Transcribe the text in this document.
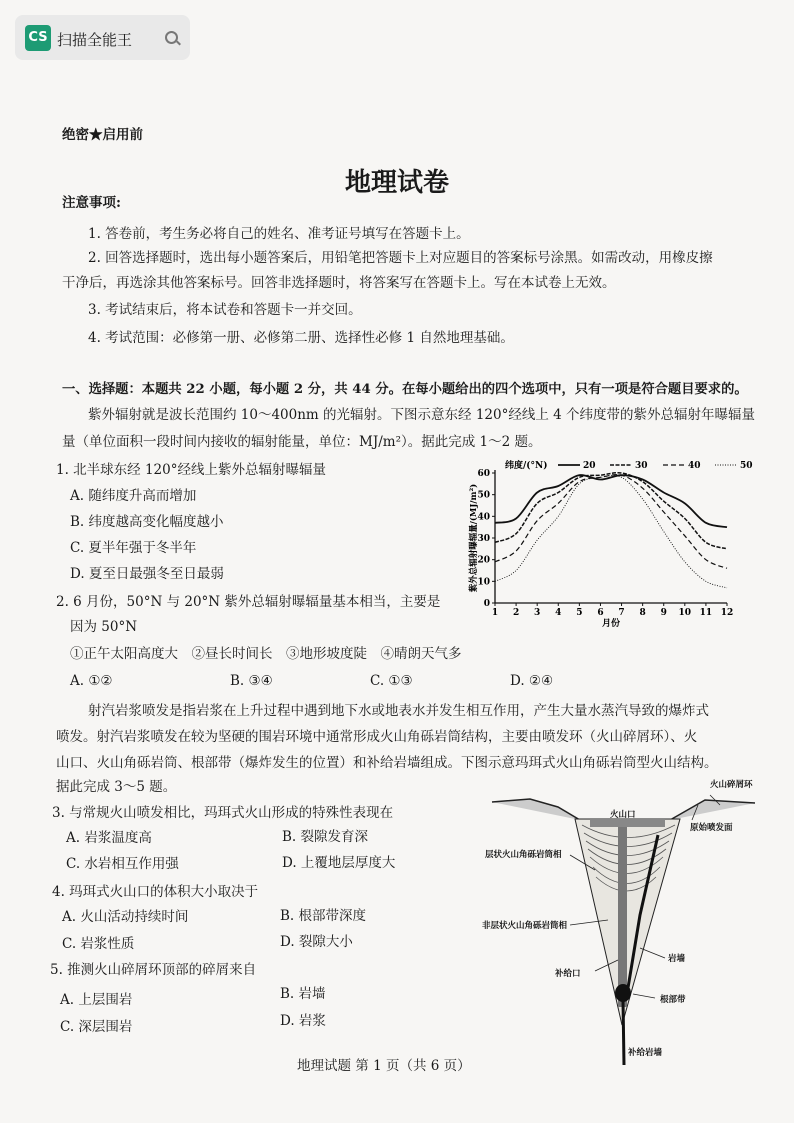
CS 扫描全能王
绝密★启用前
地理试卷
注意事项:
1. 答卷前，考生务必将自己的姓名、准考证号填写在答题卡上。
2. 回答选择题时，选出每小题答案后，用铅笔把答题卡上对应题目的答案标号涂黑。如需改动，用橡皮擦
干净后，再选涂其他答案标号。回答非选择题时，将答案写在答题卡上。写在本试卷上无效。
3. 考试结束后，将本试卷和答题卡一并交回。
4. 考试范围：必修第一册、必修第二册、选择性必修 1 自然地理基础。
一、选择题：本题共 22 小题，每小题 2 分，共 44 分。在每小题给出的四个选项中，只有一项是符合题目要求的。
紫外辐射就是波长范围约 10～400nm 的光辐射。下图示意东经 120°经线上 4 个纬度带的紫外总辐射年曝辐量
量（单位面积一段时间内接收的辐射能量，单位：MJ/m²）。据此完成 1～2 题。
1. 北半球东经 120°经线上紫外总辐射曝辐量
A. 随纬度升高而增加
B. 纬度越高变化幅度越小
C. 夏半年强于冬半年
D. 夏至日最强冬至日最弱
2. 6 月份，50°N 与 20°N 紫外总辐射曝辐量基本相当，主要是
因为 50°N
①正午太阳高度大　②昼长时间长　③地形坡度陡　④晴朗天气多
A. ①②	B. ③④	C. ①③	D. ②④
射汽岩浆喷发是指岩浆在上升过程中遇到地下水或地表水并发生相互作用，产生大量水蒸汽导致的爆炸式
喷发。射汽岩浆喷发在较为坚硬的围岩环境中通常形成火山角砾岩筒结构，主要由喷发环（火山碎屑环）、火
山口、火山角砾岩筒、根部带（爆炸发生的位置）和补给岩墙组成。下图示意玛珥式火山角砾岩筒型火山结构。
据此完成 3～5 题。
3. 与常规火山喷发相比，玛珥式火山形成的特殊性表现在
A. 岩浆温度高	B. 裂隙发育深
C. 水岩相互作用强	D. 上覆地层厚度大
4. 玛珥式火山口的体积大小取决于
A. 火山活动持续时间	B. 根部带深度
C. 岩浆性质	D. 裂隙大小
5. 推测火山碎屑环顶部的碎屑来自
A. 上层围岩	B. 岩墙
C. 深层围岩	D. 岩浆
地理试题 第 1 页（共 6 页）
0
10
20
30
40
50
60
1 2 3 4 5 6 7 8 9 10 11 12
月份
紫外总辐射曝辐量/(MJ/m²)
纬度/(°N)	20	30	40	50
火山碎屑环
火山口
原始喷发面
层状火山角砾岩筒相
非层状火山角砾岩筒相
岩墙
补给口
根部带
补给岩墙
